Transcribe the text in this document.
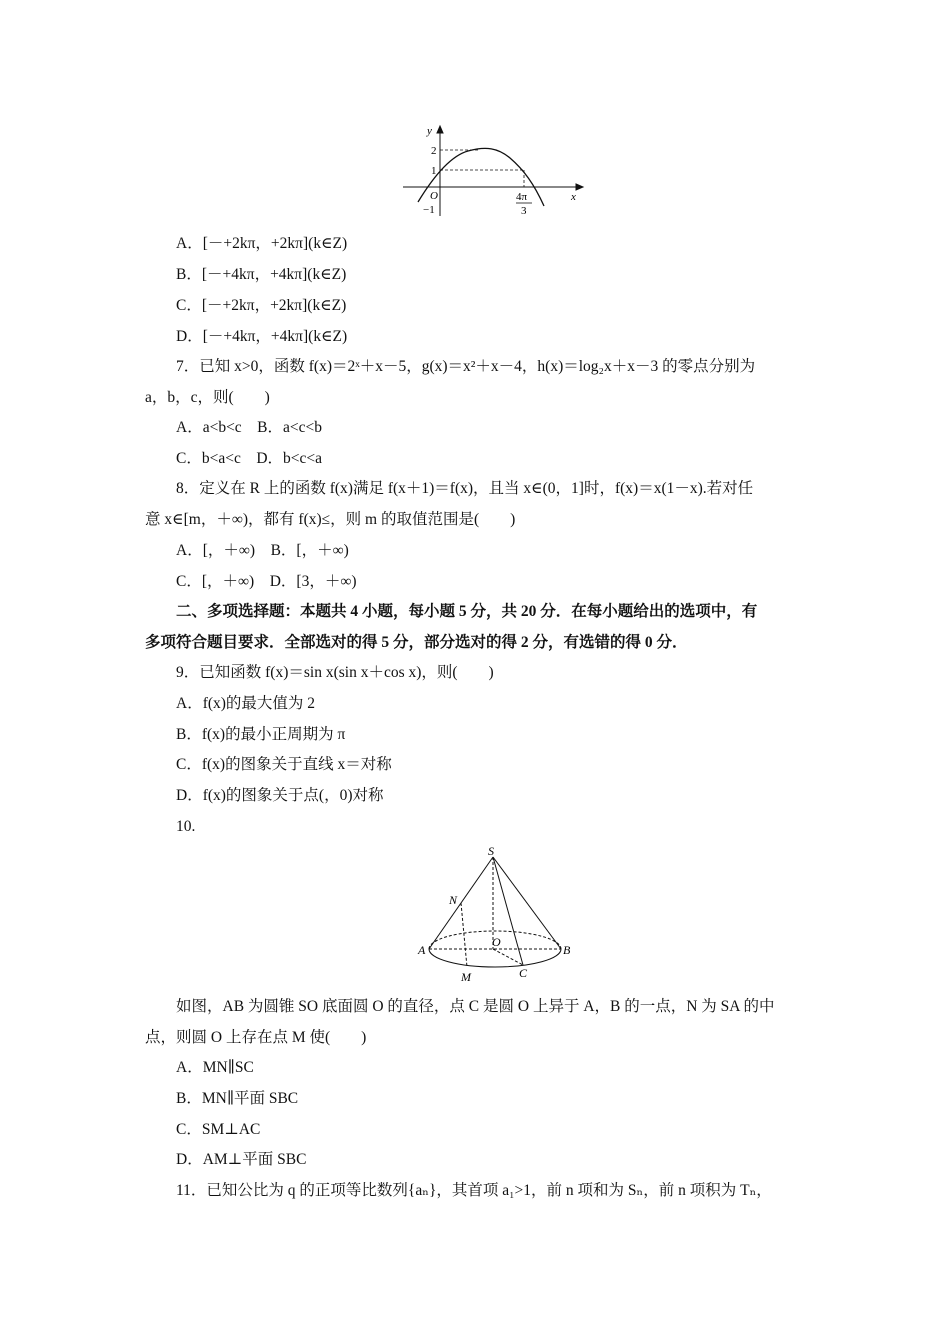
y
x
2
1
O
−1
4π
3
A．[－+2kπ，+2kπ](k∈Z)
B．[－+4kπ，+4kπ](k∈Z)
C．[－+2kπ，+2kπ](k∈Z)
D．[－+4kπ，+4kπ](k∈Z)
7．已知 x>0，函数 f(x)＝2ˣ＋x－5，g(x)＝x²＋x－4，h(x)＝log₂x＋x－3 的零点分别为
a，b，c，则(　　)
A．a<b<c　B．a<c<b
C．b<a<c　D．b<c<a
8．定义在 R 上的函数 f(x)满足 f(x＋1)＝f(x)，且当 x∈(0，1]时，f(x)＝x(1－x).若对任
意 x∈[m，＋∞)，都有 f(x)≤，则 m 的取值范围是(　　)
A．[，＋∞)　B．[，＋∞)
C．[，＋∞)　D．[3，＋∞)
二、多项选择题：本题共 4 小题，每小题 5 分，共 20 分．在每小题给出的选项中，有
多项符合题目要求．全部选对的得 5 分，部分选对的得 2 分，有选错的得 0 分．
9．已知函数 f(x)＝sin x(sin x＋cos x)，则(　　)
A．f(x)的最大值为 2
B．f(x)的最小正周期为 π
C．f(x)的图象关于直线 x＝对称
D．f(x)的图象关于点(，0)对称
10.
S
N
O
A	B
M	C
如图，AB 为圆锥 SO 底面圆 O 的直径，点 C 是圆 O 上异于 A，B 的一点，N 为 SA 的中
点，则圆 O 上存在点 M 使(　　)
A．MN∥SC
B．MN∥平面 SBC
C．SM⊥AC
D．AM⊥平面 SBC
11．已知公比为 q 的正项等比数列{aₙ}，其首项 a₁>1，前 n 项和为 Sₙ，前 n 项积为 Tₙ，
